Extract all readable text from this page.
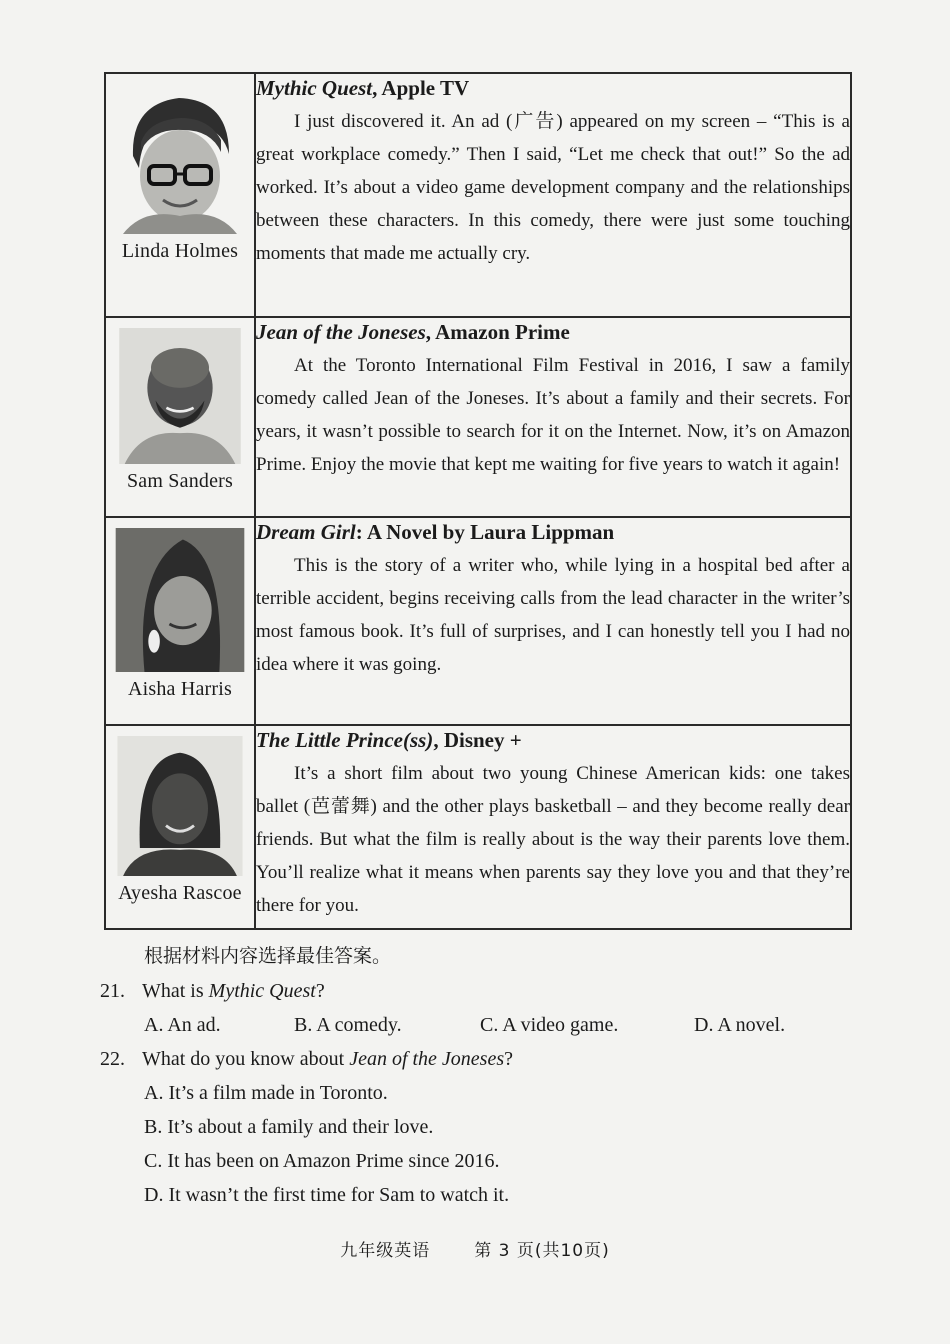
Linda Holmes	Mythic Quest, Apple TV

I just discovered it. An ad (广告) appeared on my screen – “This is a great workplace comedy.” Then I said, “Let me check that out!” So the ad worked. It’s about a video game development company and the relationships between these characters. In this comedy, there were just some touching moments that made me actually cry.

Sam Sanders	Jean of the Joneses, Amazon Prime

At the Toronto International Film Festival in 2016, I saw a family comedy called Jean of the Joneses. It’s about a family and their secrets. For years, it wasn’t possible to search for it on the Internet. Now, it’s on Amazon Prime. Enjoy the movie that kept me waiting for five years to watch it again!

Aisha Harris	Dream Girl: A Novel by Laura Lippman

This is the story of a writer who, while lying in a hospital bed after a terrible accident, begins receiving calls from the lead character in the writer’s most famous book. It’s full of surprises, and I can honestly tell you I had no idea where it was going.

Ayesha Rascoe	The Little Prince(ss), Disney +

It’s a short film about two young Chinese American kids: one takes ballet (芭蕾舞) and the other plays basketball – and they become really dear friends. But what the film is really about is the way their parents love them. You’ll realize what it means when parents say they love you and that they’re there for you.

根据材料内容选择最佳答案。
21. What is Mythic Quest?
A. An ad.	B. A comedy.	C. A video game.	D. A novel.
22. What do you know about Jean of the Joneses?
A. It’s a film made in Toronto.
B. It’s about a family and their love.
C. It has been on Amazon Prime since 2016.
D. It wasn’t the first time for Sam to watch it.
九年级英语	第 3 页(共10页)
